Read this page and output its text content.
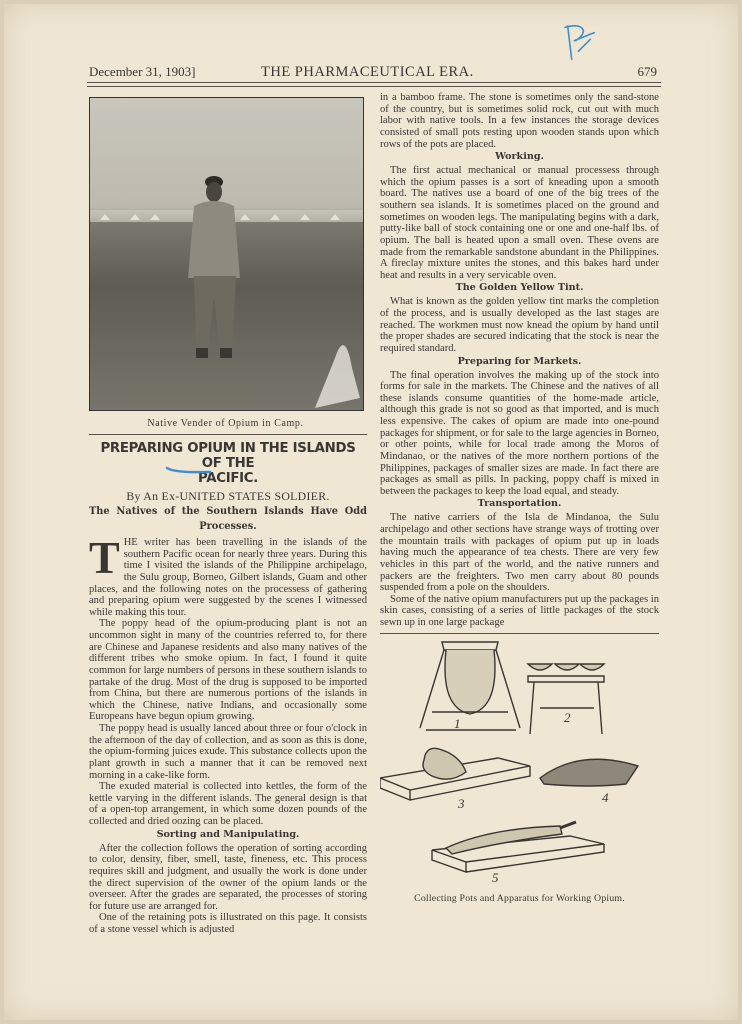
December 31, 1903]	THE PHARMACEUTICAL ERA.	679
Native Vender of Opium in Camp.
PREPARING OPIUM IN THE ISLANDS OF THE
PACIFIC.
By An Ex-UNITED STATES SOLDIER.
The Natives of the Southern Islands Have Odd
Processes.

THE writer has been travelling in the islands of the southern Pacific ocean for nearly three years. During this time I visited the islands of the Philippine archipelago, the Sulu group, Borneo, Gilbert islands, Guam and other places, and the following notes on the processess of gathering and preparing opium were suggested by the scenes I witnessed while making this tour.

The poppy head of the opium-producing plant is not an uncommon sight in many of the countries referred to, for there are Chinese and Japanese residents and also many natives of the different tribes who smoke opium. In fact, I found it quite common for large numbers of persons in these southern islands to partake of the drug. Most of the drug is supposed to be imported from China, but there are numerous portions of the islands in which the Chinese, native Indians, and occasionally some Europeans have begun opium growing.

The poppy head is usually lanced about three or four o'clock in the afternoon of the day of collection, and as soon as this is done, the opium-forming juices exude. This substance collects upon the plant growth in such a manner that it can be removed next morning in a cake-like form.

The exuded material is collected into kettles, the form of the kettle varying in the different islands. The general design is that of a open-top arrangement, in which some dozen pounds of the collected and dried oozing can be placed.

Sorting and Manipulating.

After the collection follows the operation of sorting according to color, density, fiber, smell, taste, fineness, etc. This process requires skill and judgment, and usually the work is done under the direct supervision of the owner of the opium lands or the overseer. After the grades are separated, the processes of storing for future use are arranged for.

One of the retaining pots is illustrated on this page. It consists of a stone vessel which is adjusted

in a bamboo frame. The stone is sometimes only the sand-stone of the country, but is sometimes solid rock, cut out with much labor with native tools. In a few instances the storage devices consisted of small pots resting upon wooden stands upon which rows of the pots are placed.

Working.

The first actual mechanical or manual processess through which the opium passes is a sort of kneading upon a smooth board. The natives use a board of one of the big trees of the southern sea islands. It is sometimes placed on the ground and sometimes on wooden legs. The manipulating begins with a dark, putty-like ball of stock containing one or one and one-half lbs. of opium. The ball is heated upon a small oven. These ovens are made from the remarkable sandstone abundant in the Philippines. A fireclay mixture unites the stones, and this bakes hard under heat and results in a very servicable oven.

The Golden Yellow Tint.

What is known as the golden yellow tint marks the completion of the process, and is usually developed as the last stages are reached. The workmen must now knead the opium by hand until the proper shades are secured indicating that the stock is near the required standard.

Preparing for Markets.

The final operation involves the making up of the stock into forms for sale in the markets. The Chinese and the natives of all these islands consume quantities of the home-made article, although this grade is not so good as that imported, and is much less expensive. The cakes of opium are made into one-pound packages for shipment, or for sale to the large agencies in Borneo, or other points, while for local trade among the Moros of Mindanao, or the natives of the more northern portions of the Philippines, packages of smaller sizes are made. In fact there are packages as small as pills. In packing, poppy chaff is mixed in between the packages to keep the load equal, and steady.

Transportation.

The native carriers of the Isla de Mindanoa, the Sulu archipelago and other sections have strange ways of trotting over the mountain trails with packages of opium put up in loads having much the appearance of tea chests. There are very few vehicles in this part of the world, and the native runners and packers are the freighters. Two men carry about 80 pounds suspended from a pole on the shoulders.

Some of the native opium manufacturers put up the packages in skin cases, consisting of a series of little packages of the stock sewn up in one large package

1	2
3	4
5
Collecting Pots and Apparatus for Working Opium.
